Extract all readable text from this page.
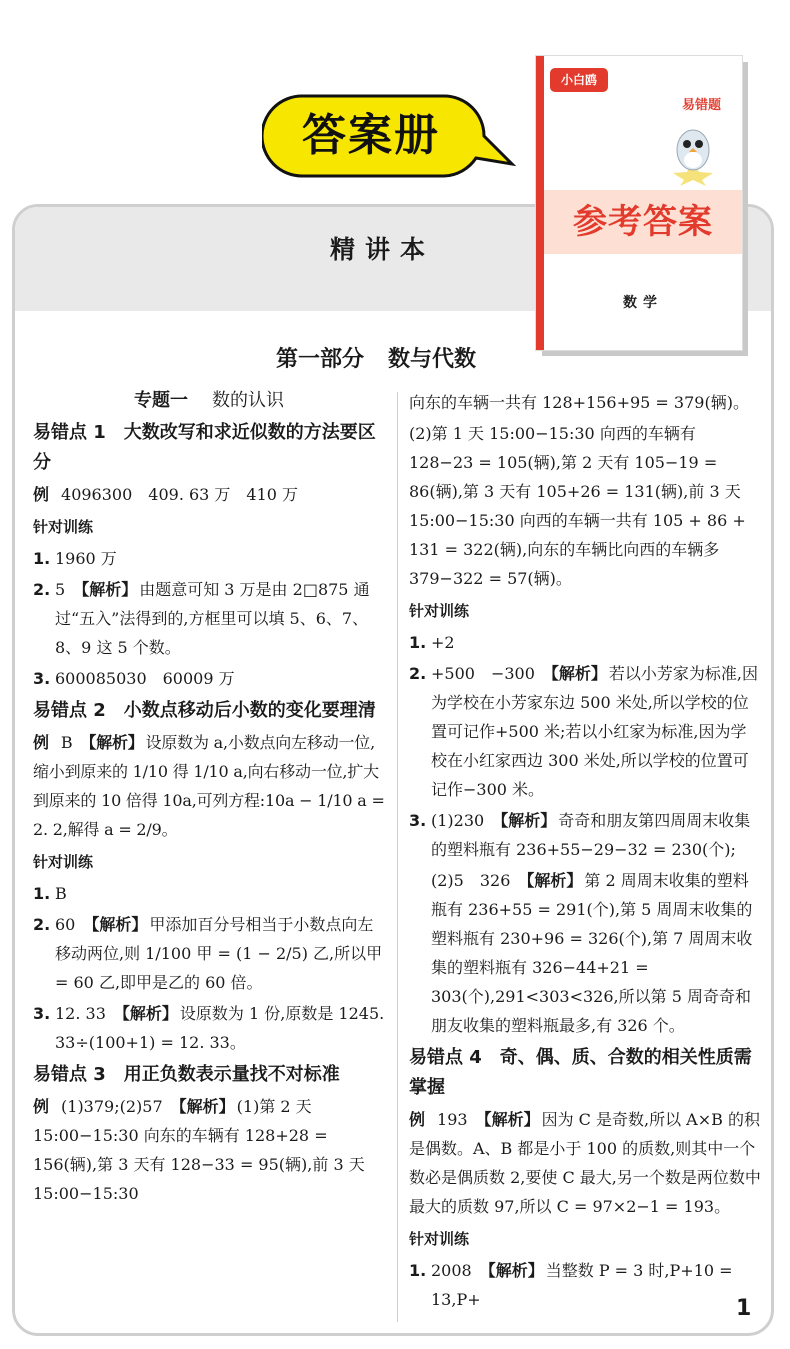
答案册
精讲本
小白鸥
易错题
参考答案
数学
第一部分 数与代数
专题一 数的认识
易错点 1　大数改写和求近似数的方法要区分
例 4096300　409. 63 万　410 万
针对训练
1. 1960 万
2. 5 【解析】 由题意可知 3 万是由 2□875 通过“五入”法得到的,方框里可以填 5、6、7、8、9 这 5 个数。
3. 600085030　60009 万
易错点 2　小数点移动后小数的变化要理清
例 B 【解析】 设原数为 a,小数点向左移动一位,缩小到原来的 1/10 得 1/10 a,向右移动一位,扩大到原来的 10 倍得 10a,可列方程:10a − 1/10 a = 2. 2,解得 a = 2/9。
针对训练
1. B
2. 60 【解析】 甲添加百分号相当于小数点向左移动两位,则 1/100 甲 = (1 − 2/5) 乙,所以甲 = 60 乙,即甲是乙的 60 倍。
3. 12. 33 【解析】 设原数为 1 份,原数是 1245. 33÷(100+1) = 12. 33。
易错点 3　用正负数表示量找不对标准
例 (1)379;(2)57 【解析】 (1)第 2 天 15:00−15:30 向东的车辆有 128+28 = 156(辆),第 3 天有 128−33 = 95(辆),前 3 天 15:00−15:30
向东的车辆一共有 128+156+95 = 379(辆)。
(2)第 1 天 15:00−15:30 向西的车辆有 128−23 = 105(辆),第 2 天有 105−19 = 86(辆),第 3 天有 105+26 = 131(辆),前 3 天 15:00−15:30 向西的车辆一共有 105 + 86 + 131 = 322(辆),向东的车辆比向西的车辆多 379−322 = 57(辆)。
针对训练
1. +2
2. +500　−300 【解析】 若以小芳家为标准,因为学校在小芳家东边 500 米处,所以学校的位置可记作+500 米;若以小红家为标准,因为学校在小红家西边 300 米处,所以学校的位置可记作−300 米。
3. (1)230 【解析】 奇奇和朋友第四周周末收集的塑料瓶有 236+55−29−32 = 230(个);
(2)5　326 【解析】 第 2 周周末收集的塑料瓶有 236+55 = 291(个),第 5 周周末收集的塑料瓶有 230+96 = 326(个),第 7 周周末收集的塑料瓶有 326−44+21 = 303(个),291<303<326,所以第 5 周奇奇和朋友收集的塑料瓶最多,有 326 个。
易错点 4　奇、偶、质、合数的相关性质需掌握
例 193 【解析】 因为 C 是奇数,所以 A×B 的积是偶数。A、B 都是小于 100 的质数,则其中一个数必是偶质数 2,要使 C 最大,另一个数是两位数中最大的质数 97,所以 C = 97×2−1 = 193。
针对训练
1. 2008 【解析】 当整数 P = 3 时,P+10 = 13,P+	1
